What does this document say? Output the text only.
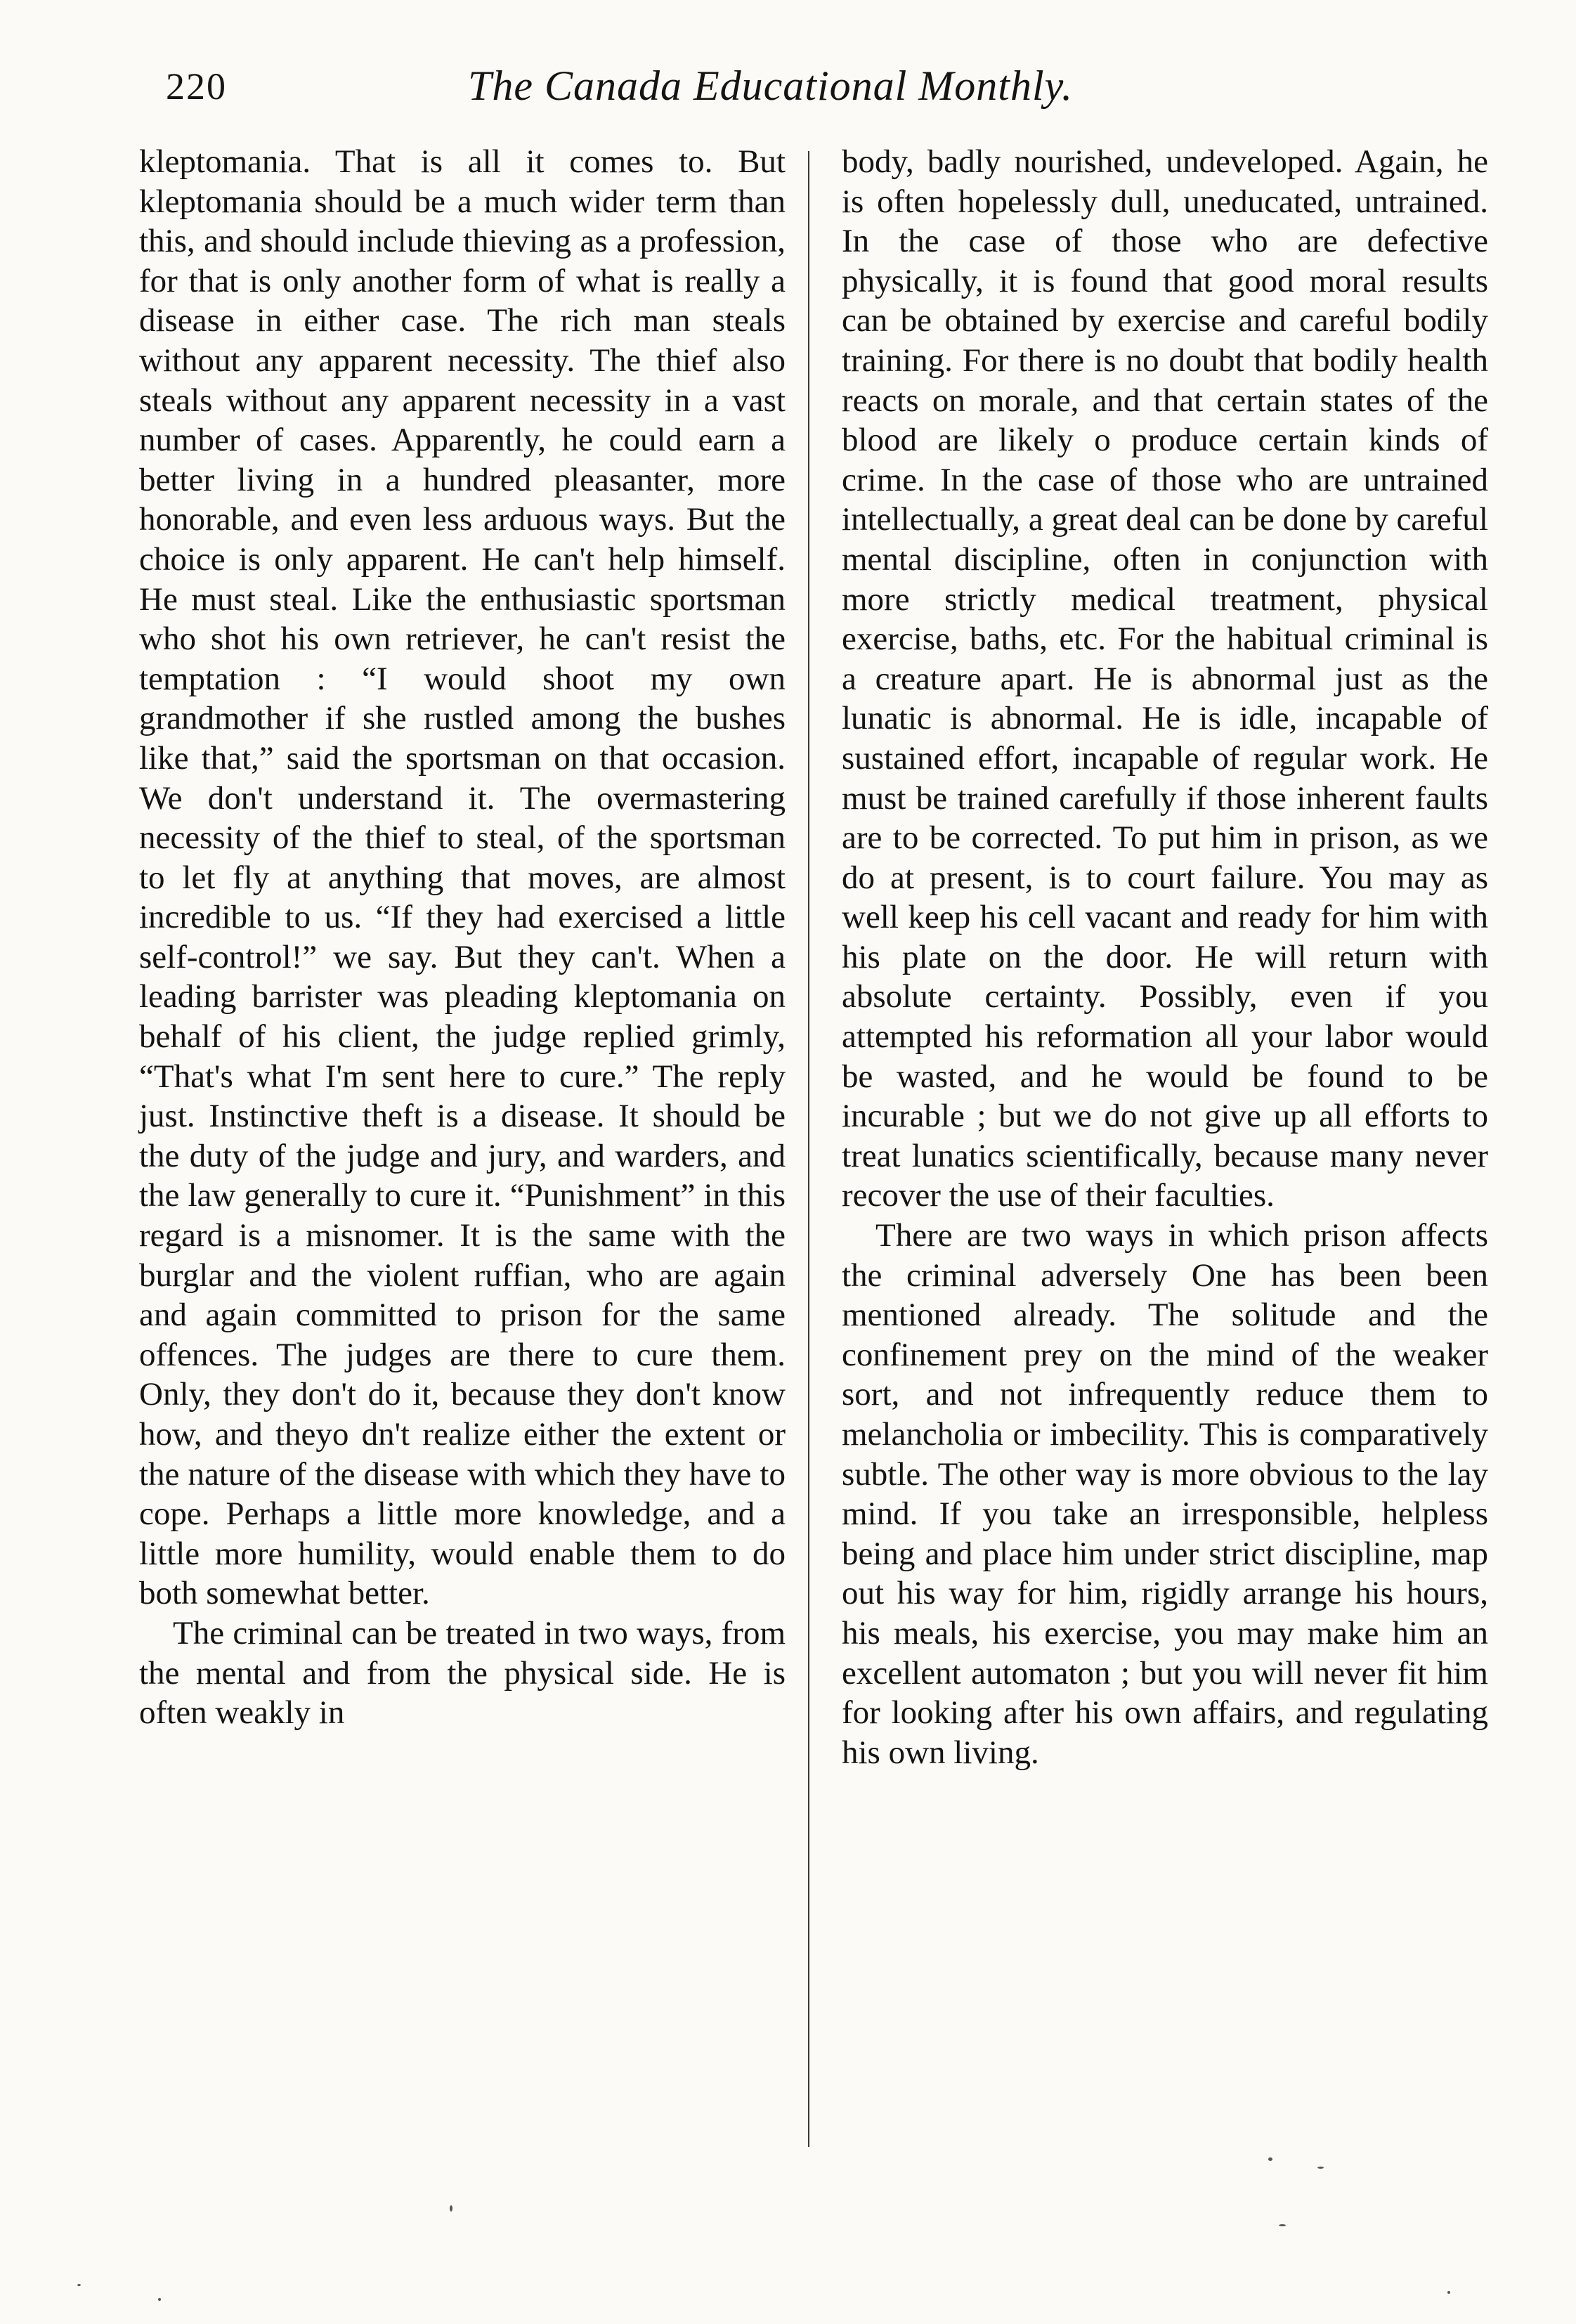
220	The Canada Educational Monthly.

kleptomania. That is all it comes to. But kleptomania should be a much wider term than this, and should include thieving as a profession, for that is only another form of what is really a disease in either case. The rich man steals without any apparent necessity. The thief also steals without any apparent necessity in a vast number of cases. Apparently, he could earn a better living in a hundred pleasanter, more honorable, and even less arduous ways. But the choice is only apparent. He can't help himself. He must steal. Like the enthusiastic sportsman who shot his own retriever, he can't resist the temptation : “I would shoot my own grandmother if she rustled among the bushes like that,” said the sportsman on that occasion. We don't understand it. The overmastering necessity of the thief to steal, of the sportsman to let fly at anything that moves, are almost incredible to us. “If they had exercised a little self-control!” we say. But they can't. When a leading barrister was pleading kleptomania on behalf of his client, the judge replied grimly, “That's what I'm sent here to cure.” The reply just. Instinctive theft is a disease. It should be the duty of the judge and jury, and warders, and the law generally to cure it. “Punishment” in this regard is a misnomer. It is the same with the burglar and the violent ruffian, who are again and again committed to prison for the same offences. The judges are there to cure them. Only, they don't do it, because they don't know how, and theyo dn't realize either the extent or the nature of the disease with which they have to cope. Perhaps a little more knowledge, and a little more humility, would enable them to do both somewhat better.

The criminal can be treated in two ways, from the mental and from the physical side. He is often weakly in

body, badly nourished, undeveloped. Again, he is often hopelessly dull, uneducated, untrained. In the case of those who are defective physically, it is found that good moral results can be obtained by exercise and careful bodily training. For there is no doubt that bodily health reacts on morale, and that certain states of the blood are likely o produce certain kinds of crime. In the case of those who are untrained intellectually, a great deal can be done by careful mental discipline, often in conjunction with more strictly medical treatment, physical exercise, baths, etc. For the habitual criminal is a creature apart. He is abnormal just as the lunatic is abnormal. He is idle, incapable of sustained effort, incapable of regular work. He must be trained carefully if those inherent faults are to be corrected. To put him in prison, as we do at present, is to court failure. You may as well keep his cell vacant and ready for him with his plate on the door. He will return with absolute certainty. Possibly, even if you attempted his reformation all your labor would be wasted, and he would be found to be incurable ; but we do not give up all efforts to treat lunatics scientifically, because many never recover the use of their faculties.

There are two ways in which prison affects the criminal adversely One has been been mentioned already. The solitude and the confinement prey on the mind of the weaker sort, and not infrequently reduce them to melancholia or imbecility. This is comparatively subtle. The other way is more obvious to the lay mind. If you take an irresponsible, helpless being and place him under strict discipline, map out his way for him, rigidly arrange his hours, his meals, his exercise, you may make him an excellent automaton ; but you will never fit him for looking after his own affairs, and regulating his own living.
